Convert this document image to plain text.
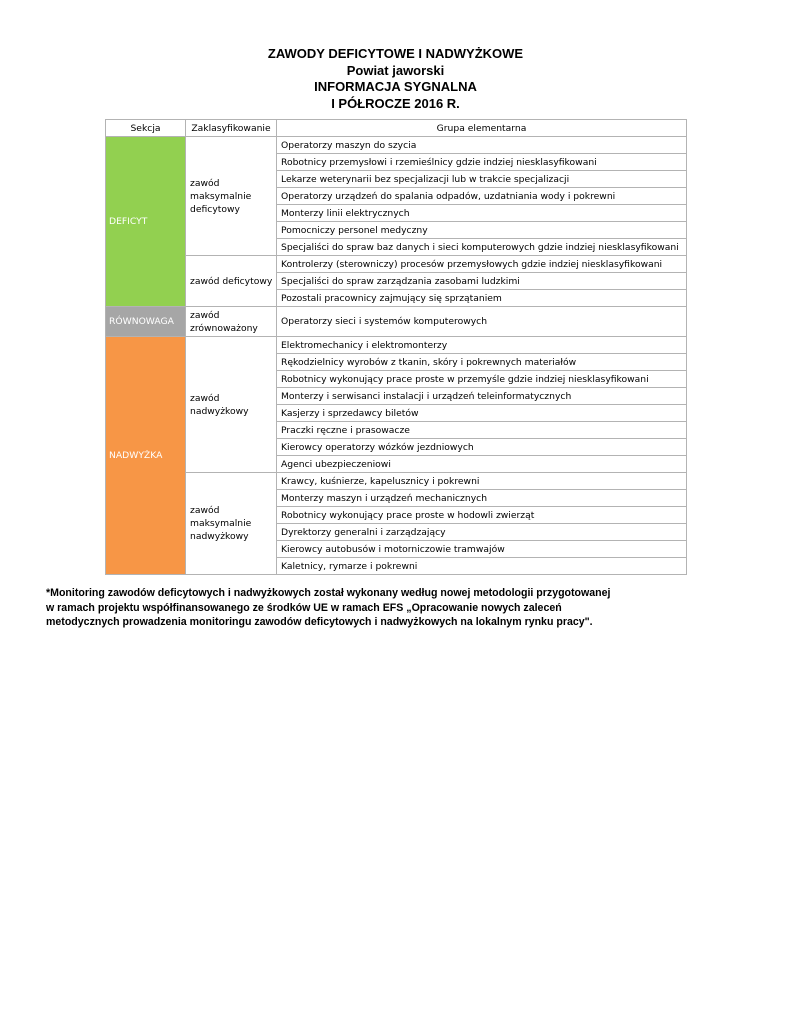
ZAWODY DEFICYTOWE I NADWYŻKOWE
Powiat jaworski
INFORMACJA SYGNALNA
I PÓŁROCZE 2016 R.
Sekcja	Zaklasyfikowanie	Grupa elementarna
DEFICYT	zawód maksymalnie deficytowy	Operatorzy maszyn do szycia
		Robotnicy przemysłowi i rzemieślnicy gdzie indziej niesklasyfikowani
		Lekarze weterynarii bez specjalizacji lub w trakcie specjalizacji
		Operatorzy urządzeń do spalania odpadów, uzdatniania wody i pokrewni
		Monterzy linii elektrycznych
		Pomocniczy personel medyczny
		Specjaliści do spraw baz danych i sieci komputerowych gdzie indziej niesklasyfikowani
	zawód deficytowy	Kontrolerzy (sterowniczy) procesów przemysłowych gdzie indziej niesklasyfikowani
		Specjaliści do spraw zarządzania zasobami ludzkimi
		Pozostali pracownicy zajmujący się sprzątaniem
RÓWNOWAGA	zawód zrównoważony	Operatorzy sieci i systemów komputerowych
NADWYŻKA	zawód nadwyżkowy	Elektromechanicy i elektromonterzy
		Rękodzielnicy wyrobów z tkanin, skóry i pokrewnych materiałów
		Robotnicy wykonujący prace proste w przemyśle gdzie indziej niesklasyfikowani
		Monterzy i serwisanci instalacji i urządzeń teleinformatycznych
		Kasjerzy i sprzedawcy biletów
		Praczki ręczne i prasowacze
		Kierowcy operatorzy wózków jezdniowych
		Agenci ubezpieczeniowi
	zawód maksymalnie nadwyżkowy	Krawcy, kuśnierze, kapelusznicy i pokrewni
		Monterzy maszyn i urządzeń mechanicznych
		Robotnicy wykonujący prace proste w hodowli zwierząt
		Dyrektorzy generalni i zarządzający
		Kierowcy autobusów i motorniczowie tramwajów
		Kaletnicy, rymarze i pokrewni
*Monitoring zawodów deficytowych i nadwyżkowych został wykonany według nowej metodologii przygotowanej
w ramach projektu współfinansowanego ze środków UE w ramach EFS „Opracowanie nowych zaleceń
metodycznych prowadzenia monitoringu zawodów deficytowych i nadwyżkowych na lokalnym rynku pracy".
